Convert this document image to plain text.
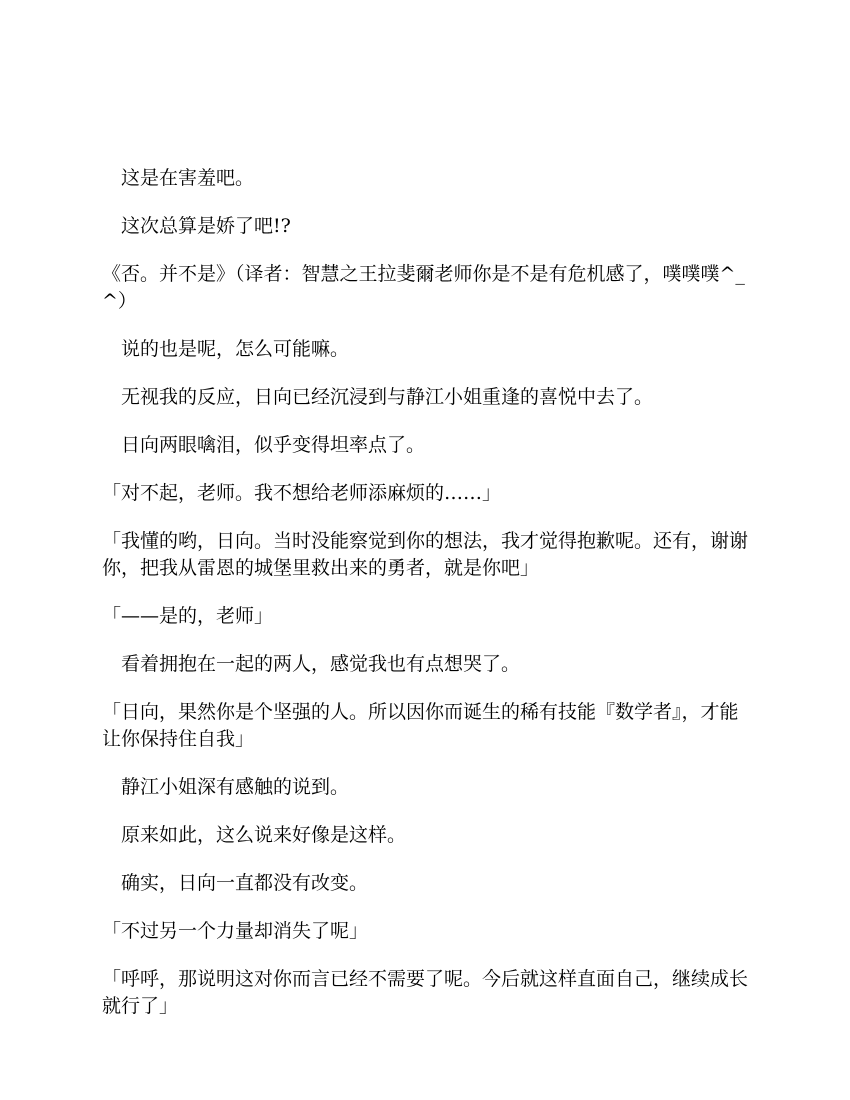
这是在害羞吧。

这次总算是娇了吧!?

《否。并不是》（译者：智慧之王拉斐爾老师你是不是有危机感了，噗噗噗^_^）

说的也是呢，怎么可能嘛。

无视我的反应，日向已经沉浸到与静江小姐重逢的喜悦中去了。

日向两眼噙泪，似乎变得坦率点了。

「对不起，老师。我不想给老师添麻烦的……」

「我懂的哟，日向。当时没能察觉到你的想法，我才觉得抱歉呢。还有，谢谢你，把我从雷恩的城堡里救出来的勇者，就是你吧」

「——是的，老师」

看着拥抱在一起的两人，感觉我也有点想哭了。

「日向，果然你是个坚强的人。所以因你而诞生的稀有技能『数学者』，才能让你保持住自我」

静江小姐深有感触的说到。

原来如此，这么说来好像是这样。

确实，日向一直都没有改变。

「不过另一个力量却消失了呢」

「呼呼，那说明这对你而言已经不需要了呢。今后就这样直面自己，继续成长就行了」
